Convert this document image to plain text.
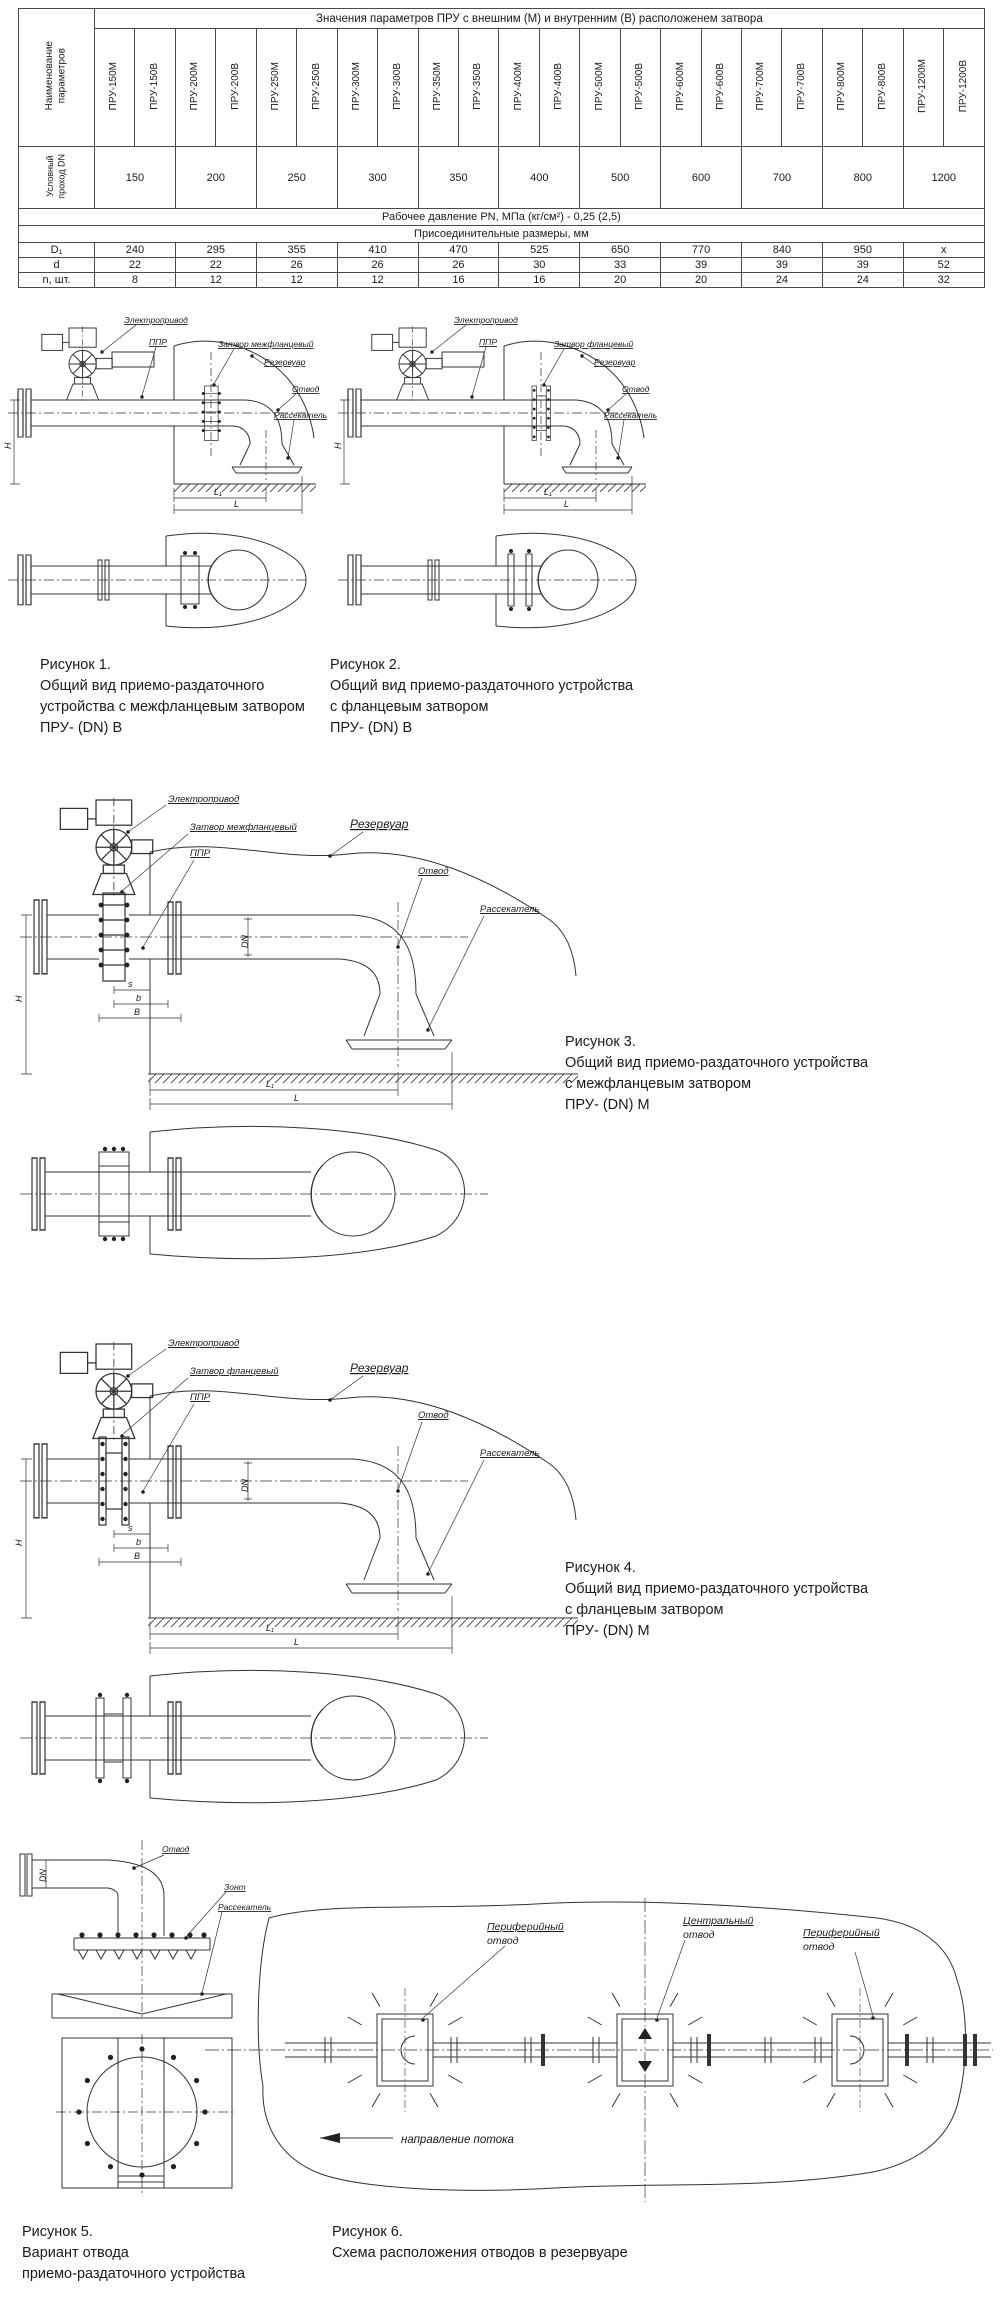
Наименование параметров	Значения параметров ПРУ с внешним (М) и внутренним (В) расположенем затвора																					
	ПРУ-150М	ПРУ-150В	ПРУ-200М	ПРУ-200В	ПРУ-250М	ПРУ-250В	ПРУ-300М	ПРУ-300В	ПРУ-350М	ПРУ-350В	ПРУ-400М	ПРУ-400В	ПРУ-500М	ПРУ-500В	ПРУ-600М	ПРУ-600В	ПРУ-700М	ПРУ-700В	ПРУ-800М	ПРУ-800В	ПРУ-1200М	ПРУ-1200В

Условный проход DN	150		200		250		300		350		400		500		600		700		800		1200	
Рабочее давление PN, МПа (кг/см²) - 0,25 (2,5)																						
Присоединительные размеры, мм																						
D₁	240		295		355		410		470		525		650		770		840		950		x	
d	22		22		26		26		26		30		33		39		39		39		52	
n, шт.	8		12		12		12		16		16		20		20		24		24		32	
Электропривод
ППР	Затвор межфланцевый
Резервуар
Отвод
Рассекатель
L₁
L
H
Рисунок 1.
Общий вид приемо-раздаточного
устройства с межфланцевым затвором
ПРУ- (DN) В
Электропривод
ППР	Затвор фланцевый
Резервуар
Отвод
Рассекатель
L₁
L
H
Рисунок 2.
Общий вид приемо-раздаточного устройства
с фланцевым затвором
ПРУ- (DN) В
Электропривод
Затвор межфланцевый
ППР
Резервуар
Отвод
Рассекатель
H
DN
s
b
B
L₁
L
Рисунок 3.
Общий вид приемо-раздаточного устройства
с межфланцевым затвором
ПРУ- (DN) М
Электропривод
Затвор фланцевый
ППР
Резервуар
Отвод
Рассекатель
H
DN
s
b
B
L₁
L
Рисунок 4.
Общий вид приемо-раздаточного устройства
с фланцевым затвором
ПРУ- (DN) М
Отвод
Зонт
Рассекатель
DN
Рисунок 5.
Вариант отвода
приемо-раздаточного устройства
Периферийный
отвод
Центральный
отвод	Периферийный
отвод
направление потока
Рисунок 6.
Схема расположения отводов в резервуаре
